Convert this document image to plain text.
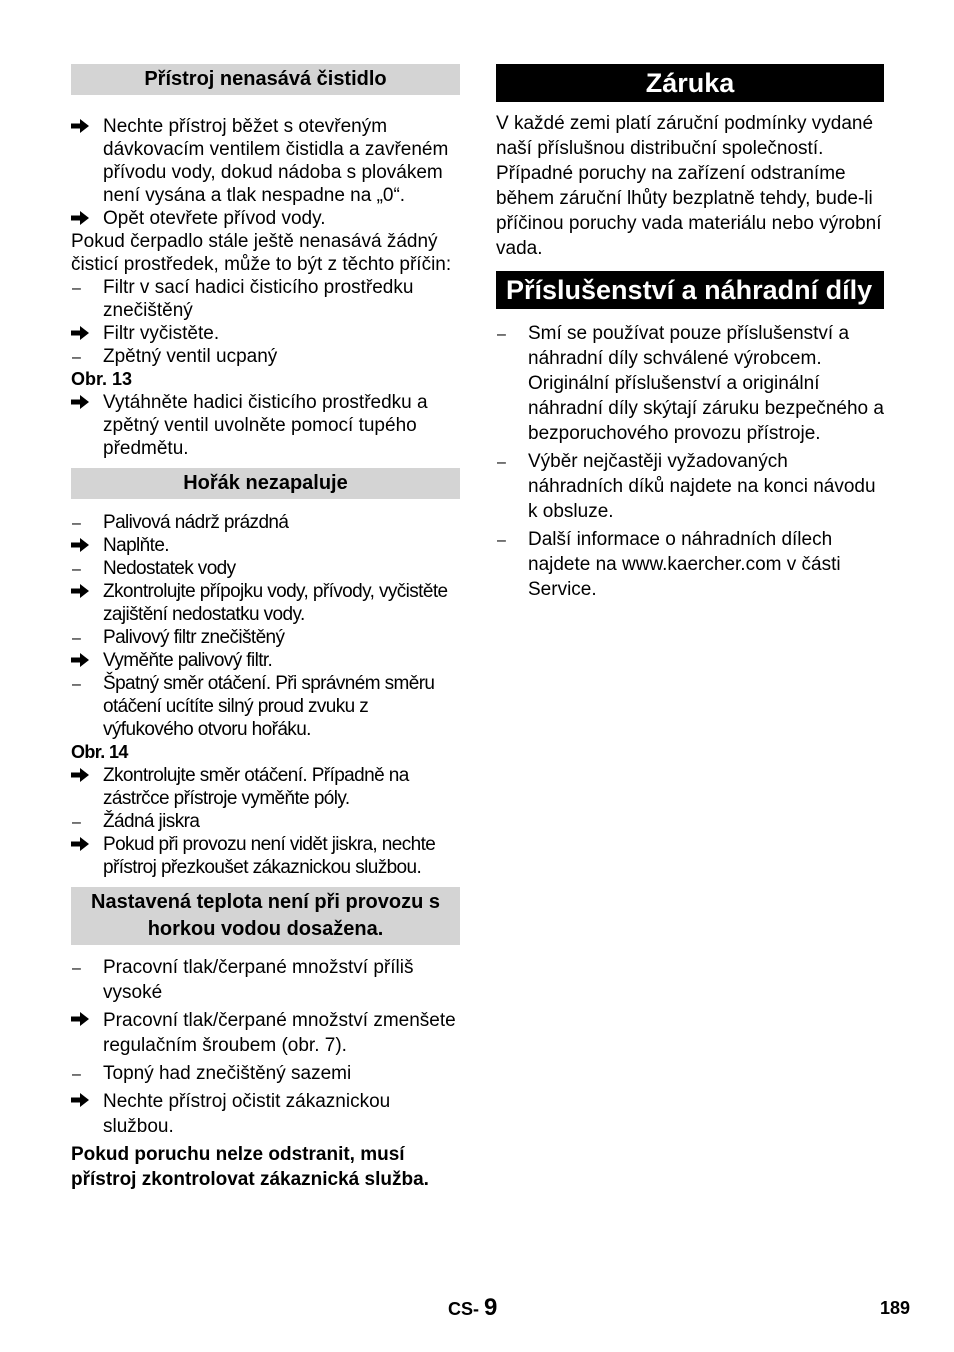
Přístroj nenasává čistidlo
Nechte přístroj běžet s otevřeným dávkovacím ventilem čistidla a zavřeném přívodu vody, dokud nádoba s plovákem není vysána a tlak nespadne na „0“.
Opět otevřete přívod vody.

Pokud čerpadlo stále ještě nenasává žádný čisticí prostředek, může to být z těchto příčin:

–	Filtr v sací hadici čisticího prostředku znečištěný
Filtr vyčistěte.
–	Zpětný ventil ucpaný
Obr. 13
Vytáhněte hadici čisticího prostředku a zpětný ventil uvolněte pomocí tupého předmětu.
Hořák nezapaluje
–	Palivová nádrž prázdná
Naplňte.
–	Nedostatek vody
Zkontrolujte přípojku vody, přívody, vyčistěte zajištění nedostatku vody.
–	Palivový filtr znečištěný
Vyměňte palivový filtr.
–	Špatný směr otáčení. Při správném směru otáčení ucítíte silný proud zvuku z výfukového otvoru hořáku.
Obr. 14
Zkontrolujte směr otáčení. Případně na zástrčce přístroje vyměňte póly.
–	Žádná jiskra
Pokud při provozu není vidět jiskra, nechte přístroj přezkoušet zákaznickou službou.
Nastavená teplota není při provozu s horkou vodou dosažena.
–	Pracovní tlak/čerpané množství příliš vysoké
Pracovní tlak/čerpané množství zmenšete regulačním šroubem (obr. 7).
–	Topný had znečištěný sazemi
Nechte přístroj očistit zákaznickou službou.
Pokud poruchu nelze odstranit, musí přístroj zkontrolovat zákaznická služba.
Záruka

V každé zemi platí záruční podmínky vydané naší příslušnou distribuční společností. Případné poruchy na zařízení odstraníme během záruční lhůty bezplatně tehdy, bude-li příčinou poruchy vada materiálu nebo výrobní vada.

Příslušenství a náhradní díly
–	Smí se používat pouze příslušenství a náhradní díly schválené výrobcem. Originální příslušenství a originální náhradní díly skýtají záruku bezpečného a bezporuchového provozu přístroje.
–	Výběr nejčastěji vyžadovaných náhradních díků najdete na konci návodu k obsluze.
–	Další informace o náhradních dílech najdete na www.kaercher.com v části Service.
CS- 9	189
